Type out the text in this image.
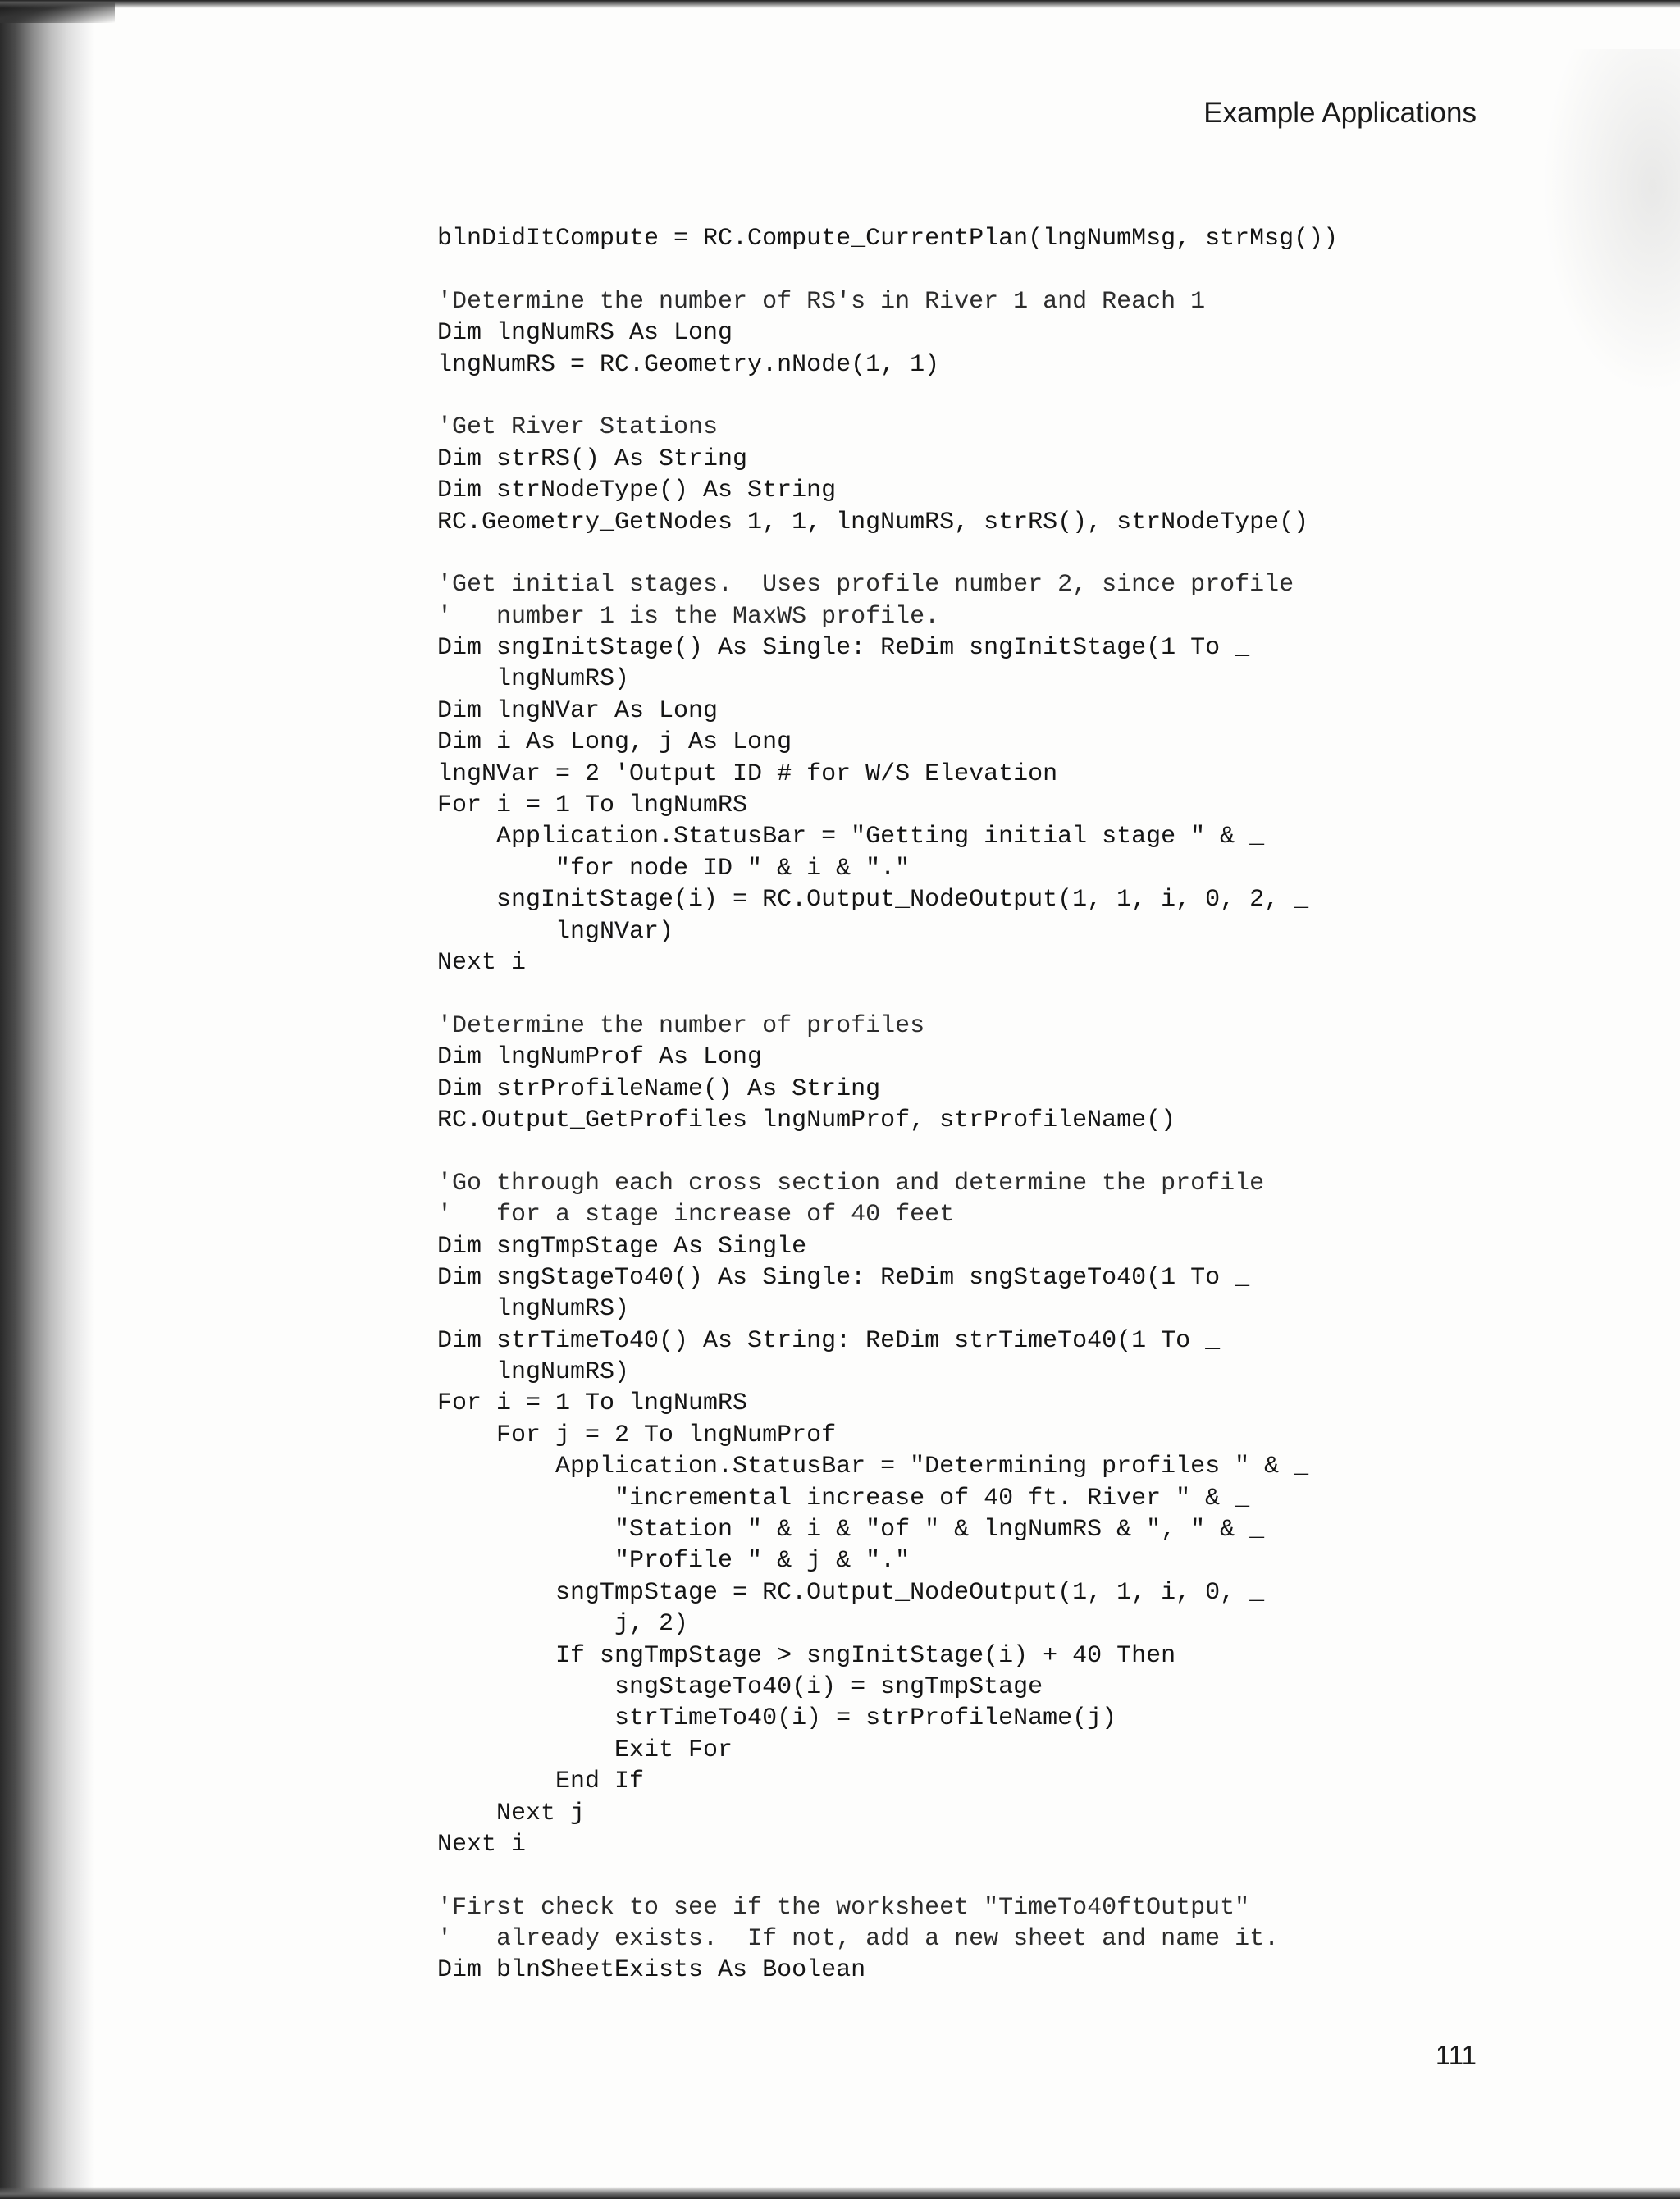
Example Applications
blnDidItCompute = RC.Compute_CurrentPlan(lngNumMsg, strMsg())
'Determine the number of RS's in River 1 and Reach 1
Dim lngNumRS As Long
lngNumRS = RC.Geometry.nNode(1, 1)
'Get River Stations
Dim strRS() As String
Dim strNodeType() As String
RC.Geometry_GetNodes 1, 1, lngNumRS, strRS(), strNodeType()
'Get initial stages.  Uses profile number 2, since profile
'   number 1 is the MaxWS profile.
Dim sngInitStage() As Single: ReDim sngInitStage(1 To _
lngNumRS)
Dim lngNVar As Long
Dim i As Long, j As Long
lngNVar = 2 'Output ID # for W/S Elevation
For i = 1 To lngNumRS
Application.StatusBar = "Getting initial stage " & _
"for node ID " & i & "."
sngInitStage(i) = RC.Output_NodeOutput(1, 1, i, 0, 2, _
lngNVar)
Next i
'Determine the number of profiles
Dim lngNumProf As Long
Dim strProfileName() As String
RC.Output_GetProfiles lngNumProf, strProfileName()
'Go through each cross section and determine the profile
'   for a stage increase of 40 feet
Dim sngTmpStage As Single
Dim sngStageTo40() As Single: ReDim sngStageTo40(1 To _
lngNumRS)
Dim strTimeTo40() As String: ReDim strTimeTo40(1 To _
lngNumRS)
For i = 1 To lngNumRS
For j = 2 To lngNumProf
Application.StatusBar = "Determining profiles " & _
"incremental increase of 40 ft. River " & _
"Station " & i & "of " & lngNumRS & ", " & _
"Profile " & j & "."
sngTmpStage = RC.Output_NodeOutput(1, 1, i, 0, _
j, 2)
If sngTmpStage > sngInitStage(i) + 40 Then
sngStageTo40(i) = sngTmpStage
strTimeTo40(i) = strProfileName(j)
Exit For
End If
Next j
Next i
'First check to see if the worksheet "TimeTo40ftOutput"
'   already exists.  If not, add a new sheet and name it.
Dim blnSheetExists As Boolean
111
